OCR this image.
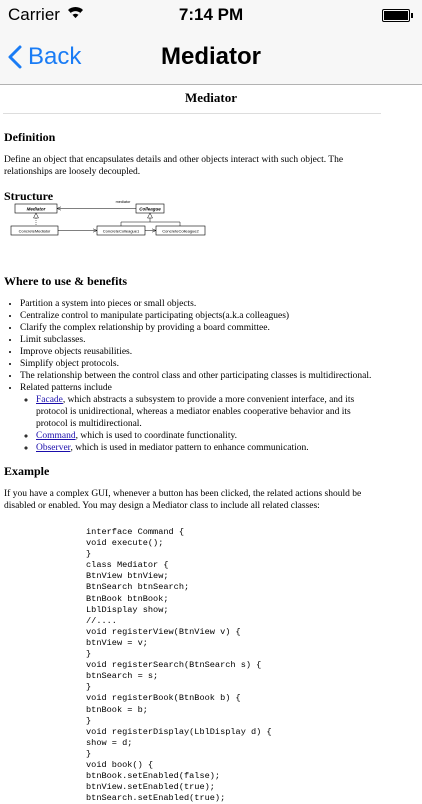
Carrier	7:14 PM
Back	Mediator
Mediator
Definition

Define an object that encapsulates details and other objects interact with such object. The relationships are loosely decoupled.

Structure
Mediator	Colleague
mediator
ConcreteMediator	ConcreteColleague1	ConcreteColleague2
Where to use & benefits
• Partition a system into pieces or small objects.
• Centralize control to manipulate participating objects(a.k.a colleagues)
• Clarify the complex relationship by providing a board committee.
• Limit subclasses.
• Improve objects reusabilities.
• Simplify object protocols.
• The relationship between the control class and other participating classes is multidirectional.
• Related patterns include
◦ Facade, which abstracts a subsystem to provide a more convenient interface, and its protocol is unidirectional, whereas a mediator enables cooperative behavior and its protocol is multidirectional.
◦ Command, which is used to coordinate functionality.
◦ Observer, which is used in mediator pattern to enhance communication.
Example

If you have a complex GUI, whenever a button has been clicked, the related actions should be disabled or enabled. You may design a Mediator class to include all related classes:

interface Command {
void execute();
}
class Mediator {
BtnView btnView;
BtnSearch btnSearch;
BtnBook btnBook;
LblDisplay show;
//....
void registerView(BtnView v) {
btnView = v;
}
void registerSearch(BtnSearch s) {
btnSearch = s;
}
void registerBook(BtnBook b) {
btnBook = b;
}
void registerDisplay(LblDisplay d) {
show = d;
}
void book() {
btnBook.setEnabled(false);
btnView.setEnabled(true);
btnSearch.setEnabled(true);
